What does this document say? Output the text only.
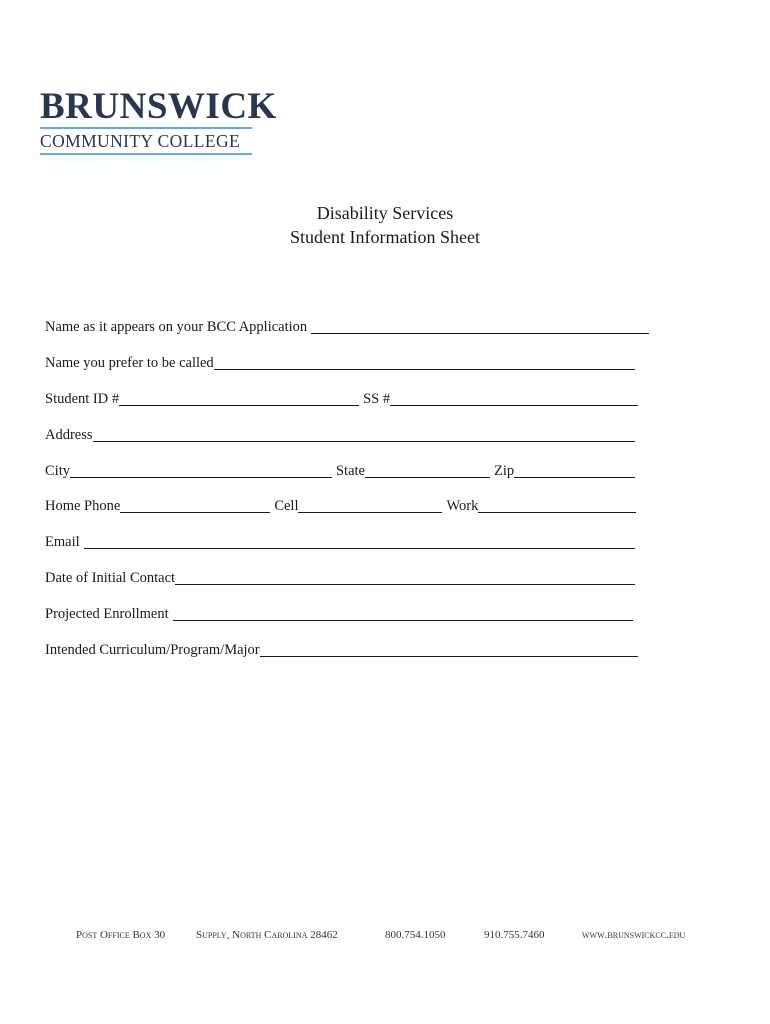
BRUNSWICK
COMMUNITY COLLEGE
Disability Services
Student Information Sheet
Name as it appears on your BCC Application
Name you prefer to be called
Student ID #	SS #
Address
City	State	Zip
Home Phone	Cell	Work
Email
Date of Initial Contact
Projected Enrollment
Intended Curriculum/Program/Major
Post Office Box 30	Supply, North Carolina 28462	800.754.1050	910.755.7460	www.brunswickcc.edu
